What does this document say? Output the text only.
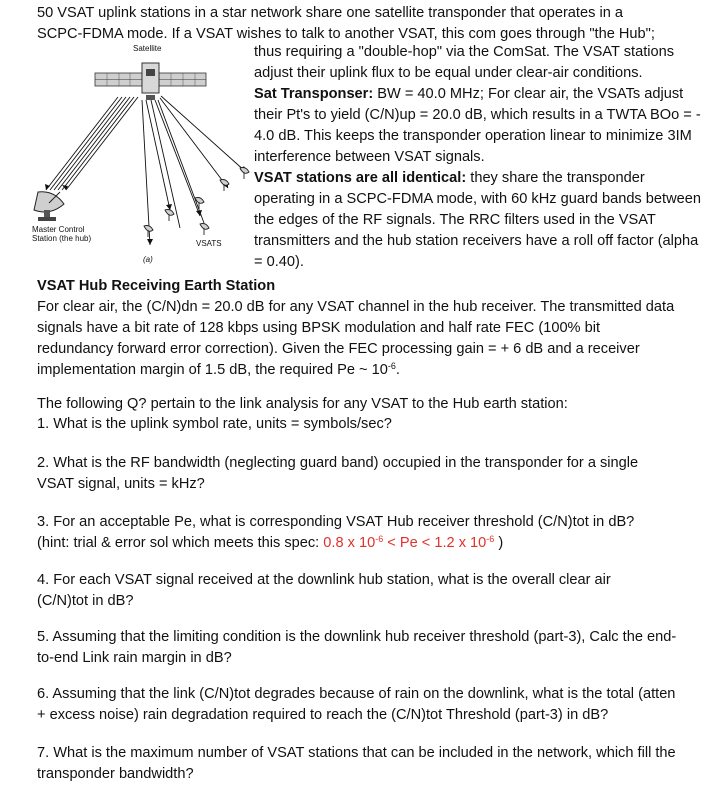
50 VSAT uplink stations in a star network share one satellite transponder that operates in a

SCPC-FDMA mode. If a VSAT wishes to talk to another VSAT, this com goes through "the Hub";

Satellite
Master Control
Station (the hub)
VSATS
(a)

thus requiring a "double-hop" via the ComSat. The VSAT stations adjust their uplink flux to be equal under clear-air conditions.

Sat Transponser: BW = 40.0 MHz; For clear air, the VSATs adjust their Pt's to yield (C/N)up = 20.0 dB, which results in a TWTA BOo = - 4.0 dB. This keeps the transponder operation linear to minimize 3IM interference between VSAT signals.

VSAT stations are all identical: they share the transponder operating in a SCPC-FDMA mode, with 60 kHz guard bands between the edges of the RF signals. The RRC filters used in the VSAT transmitters and the hub station receivers have a roll off factor (alpha = 0.40).

VSAT Hub Receiving Earth Station

For clear air, the (C/N)dn = 20.0 dB for any VSAT channel in the hub receiver. The transmitted data signals have a bit rate of 128 kbps using BPSK modulation and half rate FEC (100% bit redundancy forward error correction). Given the FEC processing gain = + 6 dB and a receiver implementation margin of 1.5 dB, the required Pe ~ $10^{-6}$.

The following Q? pertain to the link analysis for any VSAT to the Hub earth station:

1. What is the uplink symbol rate, units = symbols/sec?

2. What is the RF bandwidth (neglecting guard band) occupied in the transponder for a single VSAT signal, units = kHz?

3. For an acceptable Pe, what is corresponding VSAT Hub receiver threshold (C/N)tot in dB?

(hint: trial & error sol which meets this spec: 0.8 x $10^{-6} < Pe < 1.2$ x $10^{-6}$ )

4. For each VSAT signal received at the downlink hub station, what is the overall clear air (C/N)tot in dB?

5. Assuming that the limiting condition is the downlink hub receiver threshold (part-3), Calc the end-to-end Link rain margin in dB?

6. Assuming that the link (C/N)tot degrades because of rain on the downlink, what is the total (atten + excess noise) rain degradation required to reach the (C/N)tot Threshold (part-3) in dB?

7. What is the maximum number of VSAT stations that can be included in the network, which fill the transponder bandwidth?
